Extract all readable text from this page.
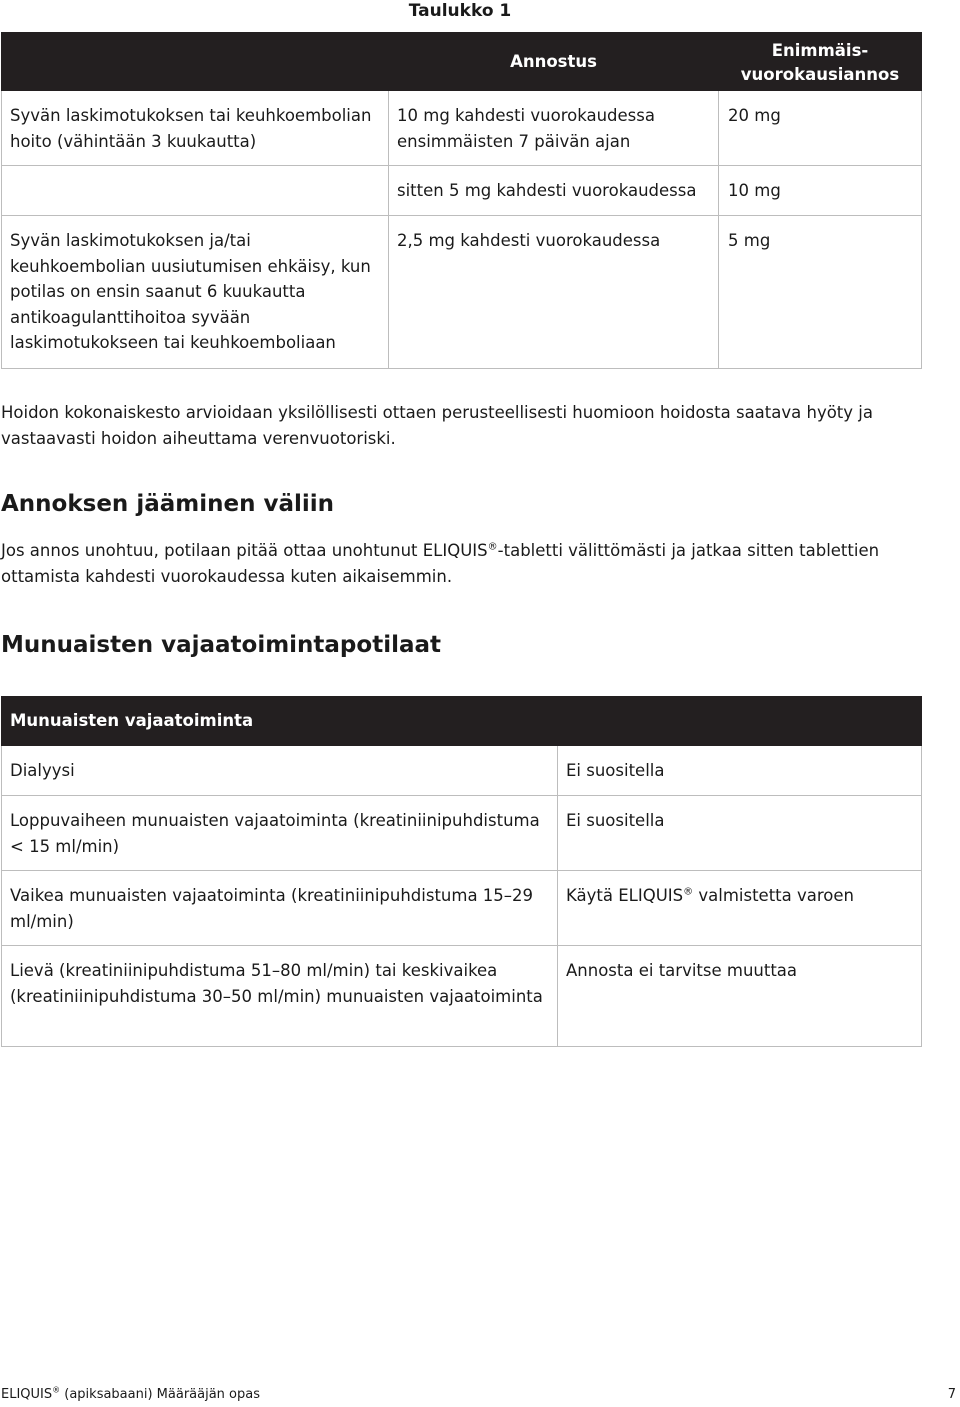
Taulukko 1
	Annostus	Enimmäis-
vuorokausiannos
Syvän laskimotukoksen tai keuhkoembolian hoito (vähintään 3 kuukautta)	10 mg kahdesti vuorokaudessa ensimmäisten 7 päivän ajan	20 mg
	sitten 5 mg kahdesti vuorokaudessa	10 mg
Syvän laskimotukoksen ja/tai keuhkoembolian uusiutumisen ehkäisy, kun potilas on ensin saanut 6 kuukautta antikoagulanttihoitoa syvään laskimotukokseen tai keuhkoemboliaan	2,5 mg kahdesti vuorokaudessa	5 mg
Hoidon kokonaiskesto arvioidaan yksilöllisesti ottaen perusteellisesti huomioon hoidosta saatava hyöty ja vastaavasti hoidon aiheuttama verenvuotoriski.
Annoksen jääminen väliin
Jos annos unohtuu, potilaan pitää ottaa unohtunut ELIQUIS®-tabletti välittömästi ja jatkaa sitten tablettien ottamista kahdesti vuorokaudessa kuten aikaisemmin.
Munuaisten vajaatoimintapotilaat
Munuaisten vajaatoiminta	
Dialyysi	Ei suositella
Loppuvaiheen munuaisten vajaatoiminta (kreatiniinipuhdistuma < 15 ml/min)	Ei suositella
Vaikea munuaisten vajaatoiminta (kreatiniinipuhdistuma 15–29 ml/min)	Käytä ELIQUIS® valmistetta varoen
Lievä (kreatiniinipuhdistuma 51–80 ml/min) tai keskivaikea (kreatiniinipuhdistuma 30–50 ml/min) munuaisten vajaatoiminta	Annosta ei tarvitse muuttaa
ELIQUIS® (apiksabaani) Määrääjän opas	7
